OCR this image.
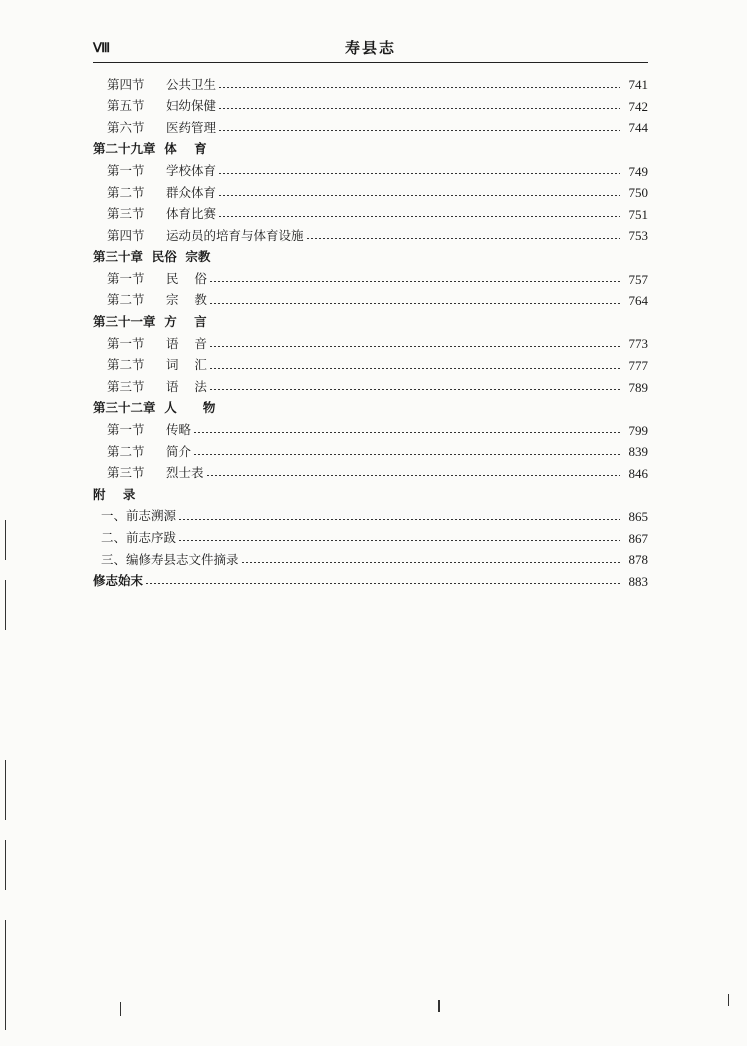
Ⅷ	寿县志
第四节	公共卫生	741
第五节	妇幼保健	742
第六节	医药管理	744
第二十九章  体    育
第一节	学校体育	749
第二节	群众体育	750
第三节	体育比赛	751
第四节	运动员的培育与体育设施	753
第三十章  民俗  宗教
第一节	民    俗	757
第二节	宗    教	764
第三十一章  方    言
第一节	语    音	773
第二节	词    汇	777
第三节	语    法	789
第三十二章  人      物
第一节	传略	799
第二节	简介	839
第三节	烈士表	846
附    录
一、前志溯源	865
二、前志序跋	867
三、编修寿县志文件摘录	878
修志始末	883
